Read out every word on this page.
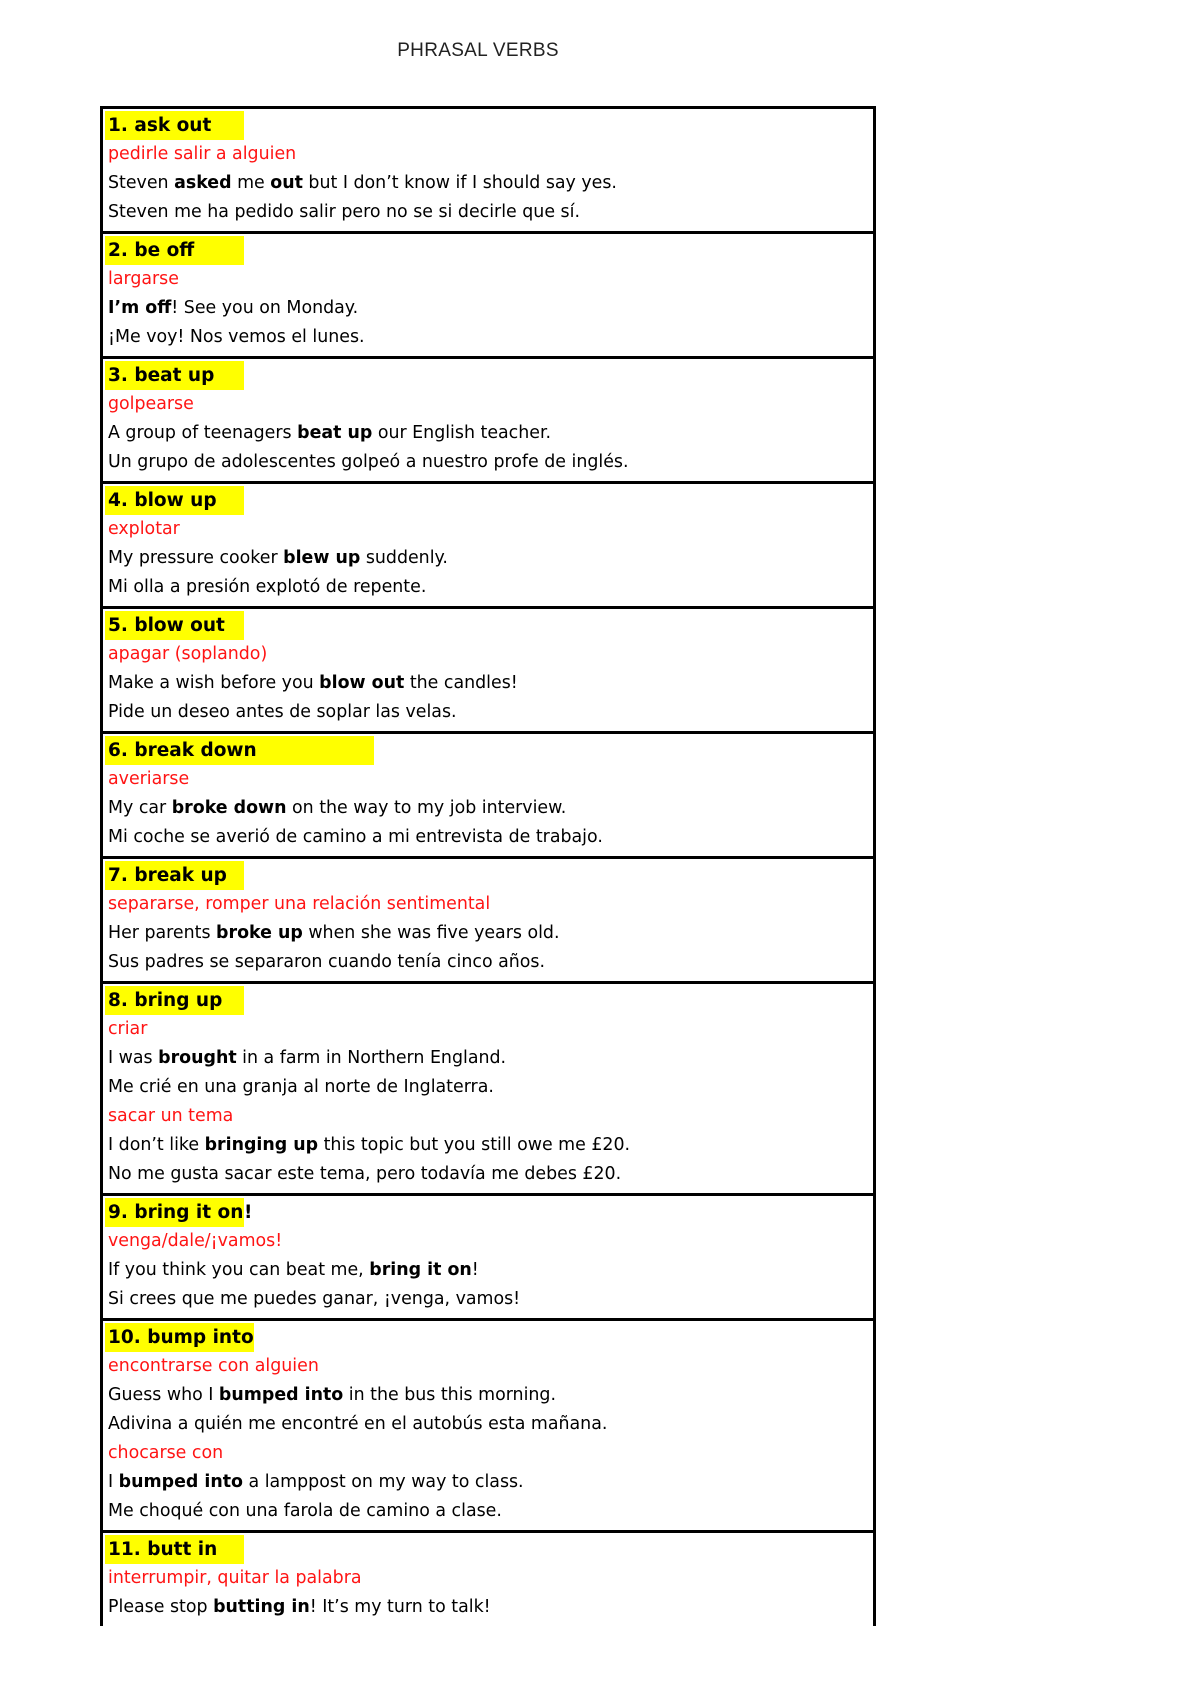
PHRASAL VERBS
1. ask out
pedirle salir a alguien
Steven asked me out but I don’t know if I should say yes.
Steven me ha pedido salir pero no se si decirle que sí.
2. be off
largarse
I’m off! See you on Monday.
¡Me voy! Nos vemos el lunes.
3. beat up
golpearse
A group of teenagers beat up our English teacher.
Un grupo de adolescentes golpeó a nuestro profe de inglés.
4. blow up
explotar
My pressure cooker blew up suddenly.
Mi olla a presión explotó de repente.
5. blow out
apagar (soplando)
Make a wish before you blow out the candles!
Pide un deseo antes de soplar las velas.
6. break down
averiarse
My car broke down on the way to my job interview.
Mi coche se averió de camino a mi entrevista de trabajo.
7. break up
separarse, romper una relación sentimental
Her parents broke up when she was five years old.
Sus padres se separaron cuando tenía cinco años.
8. bring up
criar
I was brought in a farm in Northern England.
Me crié en una granja al norte de Inglaterra.
sacar un tema
I don’t like bringing up this topic but you still owe me £20.
No me gusta sacar este tema, pero todavía me debes £20.
9. bring it on!
venga/dale/¡vamos!
If you think you can beat me, bring it on!
Si crees que me puedes ganar, ¡venga, vamos!
10. bump into
encontrarse con alguien
Guess who I bumped into in the bus this morning.
Adivina a quién me encontré en el autobús esta mañana.
chocarse con
I bumped into a lamppost on my way to class.
Me choqué con una farola de camino a clase.
11. butt in
interrumpir, quitar la palabra
Please stop butting in! It’s my turn to talk!
